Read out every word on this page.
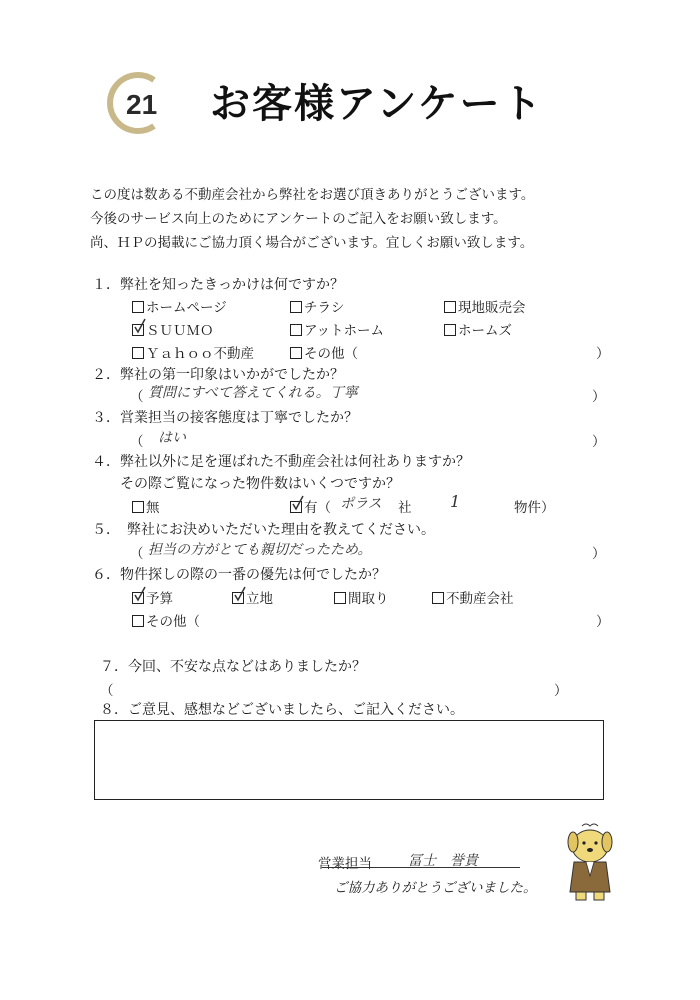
21 お客様アンケート
この度は数ある不動産会社から弊社をお選び頂きありがとうございます。
今後のサービス向上のためにアンケートのご記入をお願い致します。
尚、ＨＰの掲載にご協力頂く場合がございます。宜しくお願い致します。
１．弊社を知ったきっかけは何ですか？
ホームページ	チラシ	現地販売会
ＳＵＵＭＯ	アットホーム	ホームズ
Ｙａｈｏｏ不動産	その他（	）
２．弊社の第一印象はいかがでしたか？
（ 質問にすべて答えてくれる。丁寧	）
３．営業担当の接客態度は丁寧でしたか？
（ はい	）
４．弊社以外に足を運ばれた不動産会社は何社ありますか？
その際ご覧になった物件数はいくつですか？
無	有（ ポラス 社 1	物件）
５．　弊社にお決めいただいた理由を教えてください。
（ 担当の方がとても親切だったため。	）
６．物件探しの際の一番の優先は何でしたか？
予算	立地	間取り	不動産会社
その他（	）
７．今回、不安な点などはありましたか？
（	）
８．ご意見、感想などございましたら、ご記入ください。
営業担当	冨士　誉貴
ご協力ありがとうございました。
